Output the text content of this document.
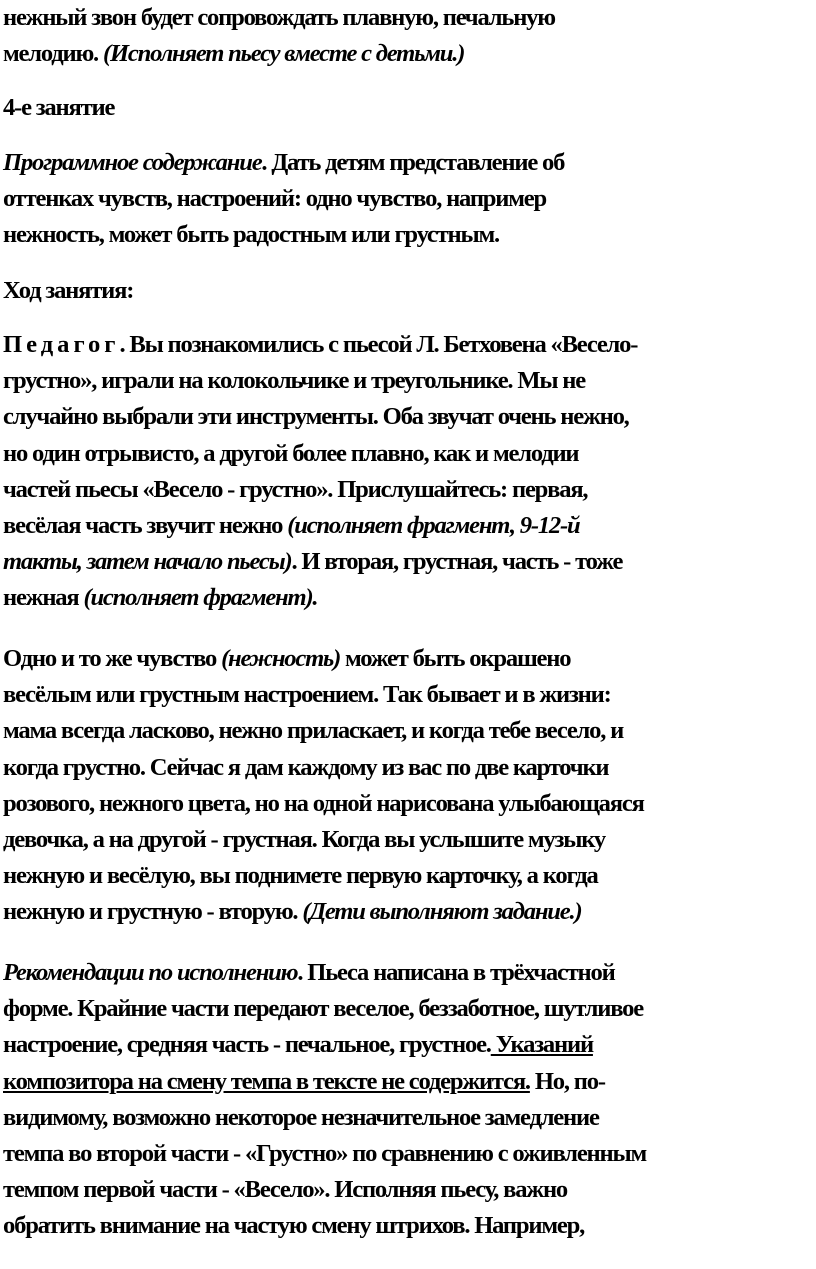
нежный звон будет сопровождать плавную, печальную
мелодию. (Исполняет пьесу вместе с детьми.)

4-е занятие

Программное содержание. Дать детям представление об
оттенках чувств, настроений: одно чувство, например
нежность, может быть радостным или грустным.

Ход занятия:

Педагог. Вы познакомились с пьесой Л. Бетховена «Весело-
грустно», играли на колокольчике и треугольнике. Мы не
случайно выбрали эти инструменты. Оба звучат очень нежно,
но один отрывисто, а другой более плавно, как и мелодии
частей пьесы «Весело - грустно». Прислушайтесь: первая,
весёлая часть звучит нежно (исполняет фрагмент, 9-12-й
такты, затем начало пьесы). И вторая, грустная, часть - тоже
нежная (исполняет фрагмент).

Одно и то же чувство (нежность) может быть окрашено
весёлым или грустным настроением. Так бывает и в жизни:
мама всегда ласково, нежно приласкает, и когда тебе весело, и
когда грустно. Сейчас я дам каждому из вас по две карточки
розового, нежного цвета, но на одной нарисована улыбающаяся
девочка, а на другой - грустная. Когда вы услышите музыку
нежную и весёлую, вы поднимете первую карточку, а когда
нежную и грустную - вторую. (Дети выполняют задание.)

Рекомендации по исполнению. Пьеса написана в трёхчастной
форме. Крайние части передают веселое, беззаботное, шутливое
настроение, средняя часть - печальное, грустное. Указаний
композитора на смену темпа в тексте не содержится. Но, по-
видимому, возможно некоторое незначительное замедление
темпа во второй части - «Грустно» по сравнению с оживленным
темпом первой части - «Весело». Исполняя пьесу, важно
обратить внимание на частую смену штрихов. Например,
